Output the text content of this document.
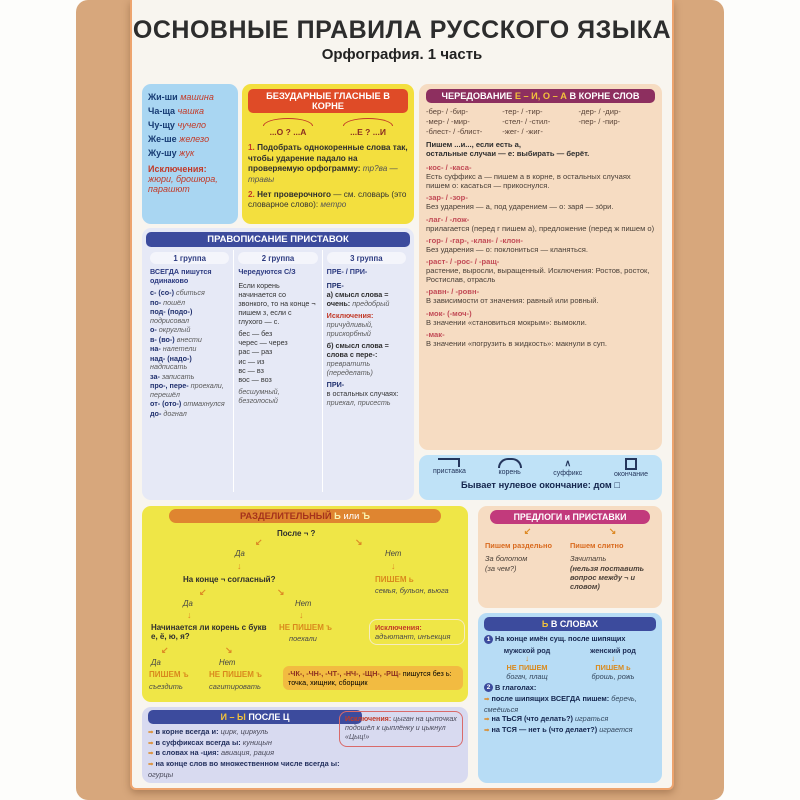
ОСНОВНЫЕ ПРАВИЛА РУССКОГО ЯЗЫКА
Орфография. 1 часть
Жи-ши машина
Ча-ща чашка
Чу-щу чучело
Же-ше железо
Жу-шу жук
Исключения:
жюри, брошюра, парашют
БЕЗУДАРНЫЕ ГЛАСНЫЕ В КОРНЕ
...О ? ...А	...Е ? ...И
1. Подобрать однокоренные слова так, чтобы ударение падало на проверяемую орфограмму: тр?ва — травы
2. Нет проверочного — см. словарь (это словарное слово): метро
ЧЕРЕДОВАНИЕ Е – И, О – А В КОРНЕ СЛОВ
-бер- / -бир-	-тер- / -тир-	-дер- / -дир-
-мер- / -мир-	-стел- / -стил-	-пер- / -пир-
-блест- / -блист-	-жег- / -жиг-
Пишем ...и..., если есть а,
остальные случаи — е: выбирать — берёт.
-кос- / -каса-
Есть суффикс а — пишем а в корне, в остальных случаях пишем о: касаться — прикоснулся.
-зар- / -зор-
Без ударения — а, под ударением — о: заря́ — зо́ри.
-лаг- / -лож-
прилагается (перед г пишем а), предложение (перед ж пишем о)
-гор- / -гар-, -клан- / -клон-
Без ударения — о: поклониться — кланяться.
-раст- / -рос- / -ращ-
растение, выросли, выращенный. Исключения: Ростов, росток, Ростислав, отрасль
-равн- / -ровн-
В зависимости от значения: равный или ровный.
-мок- (-моч-)
В значении «становиться мокрым»: вымокли.
-мак-
В значении «погрузить в жидкость»: макнули в суп.
ПРАВОПИСАНИЕ ПРИСТАВОК
1 группа
ВСЕГДА пишутся одинаково
с- (со-) сбиться
по- пошёл
под- (подо-) подрисовал
о- округлый
в- (во-) внести
на- налетели
над- (надо-) надписать
за- записать
про-, пере- проехали, перешёл
от- (ото-) отмахнулся
до- догнал
2 группа
Чередуются С/З
Если корень начинается со звонкого, то на конце ¬ пишем з, если с глухого — с.
бес — без
черес — через
рас — раз
ис — из
вс — вз
вос — воз
бесшумный, безголосый
3 группа
ПРЕ- / ПРИ-
ПРЕ-
а) смысл слова = очень: предобрый
Исключения:
причудливый, прискорбный
б) смысл слова = слова с пере-: превратить (переделать)
ПРИ-
в остальных случаях: приехал, присесть
приставка	корень
∧
суффикс	окончание
Бывает нулевое окончание: дом □
РАЗДЕЛИТЕЛЬНЫЙ Ь или Ъ
После ¬ ?
↙	↘
Да
↓
На конце ¬ согласный?
Нет
↓
ПИШЕМ ь
семья, бульон, вьюга
↙	↘
Да
↓
Начинается ли корень с букв е, ё, ю, я?
Нет
↓
НЕ ПИШЕМ ъ
поехали
↙	↘
Да
ПИШЕМ ъ
съездить
Нет
НЕ ПИШЕМ ъ
сагитировать
Исключения: адъютант, инъекция
-ЧК-, -ЧН-, -ЧТ-, -НЧ-, -ЩН-, -РЩ- пишутся без ь: точка, хищник, сборщик
ПРЕДЛОГИ и ПРИСТАВКИ
↙	↘
Пишем раздельно
За болотом
(за чем?)
Пишем слитно
Зачитать
(нельзя поставить вопрос между ¬ и словом)
Ь В СЛОВАХ
1 На конце имён сущ. после шипящих
мужской род
↓
НЕ ПИШЕМ
богач, плащ
женский род
↓
ПИШЕМ ь
брошь, рожь
2 В глаголах:
➡ после шипящих ВСЕГДА пишем: беречь, смеёшься
➡ на ТЬСЯ (что делать?) играться
➡ на ТСЯ — нет ь (что делает?) играется
И – Ы ПОСЛЕ Ц
➡ в корне всегда и: цирк, циркуль
➡ в суффиксах всегда ы: куницын
➡ в словах на -ция: авиация, рация
➡ на конце слов во множественном числе всегда ы: огурцы
Исключения: цыган на цыпочках подошёл к цыплёнку и цыкнул «Цыц!»
